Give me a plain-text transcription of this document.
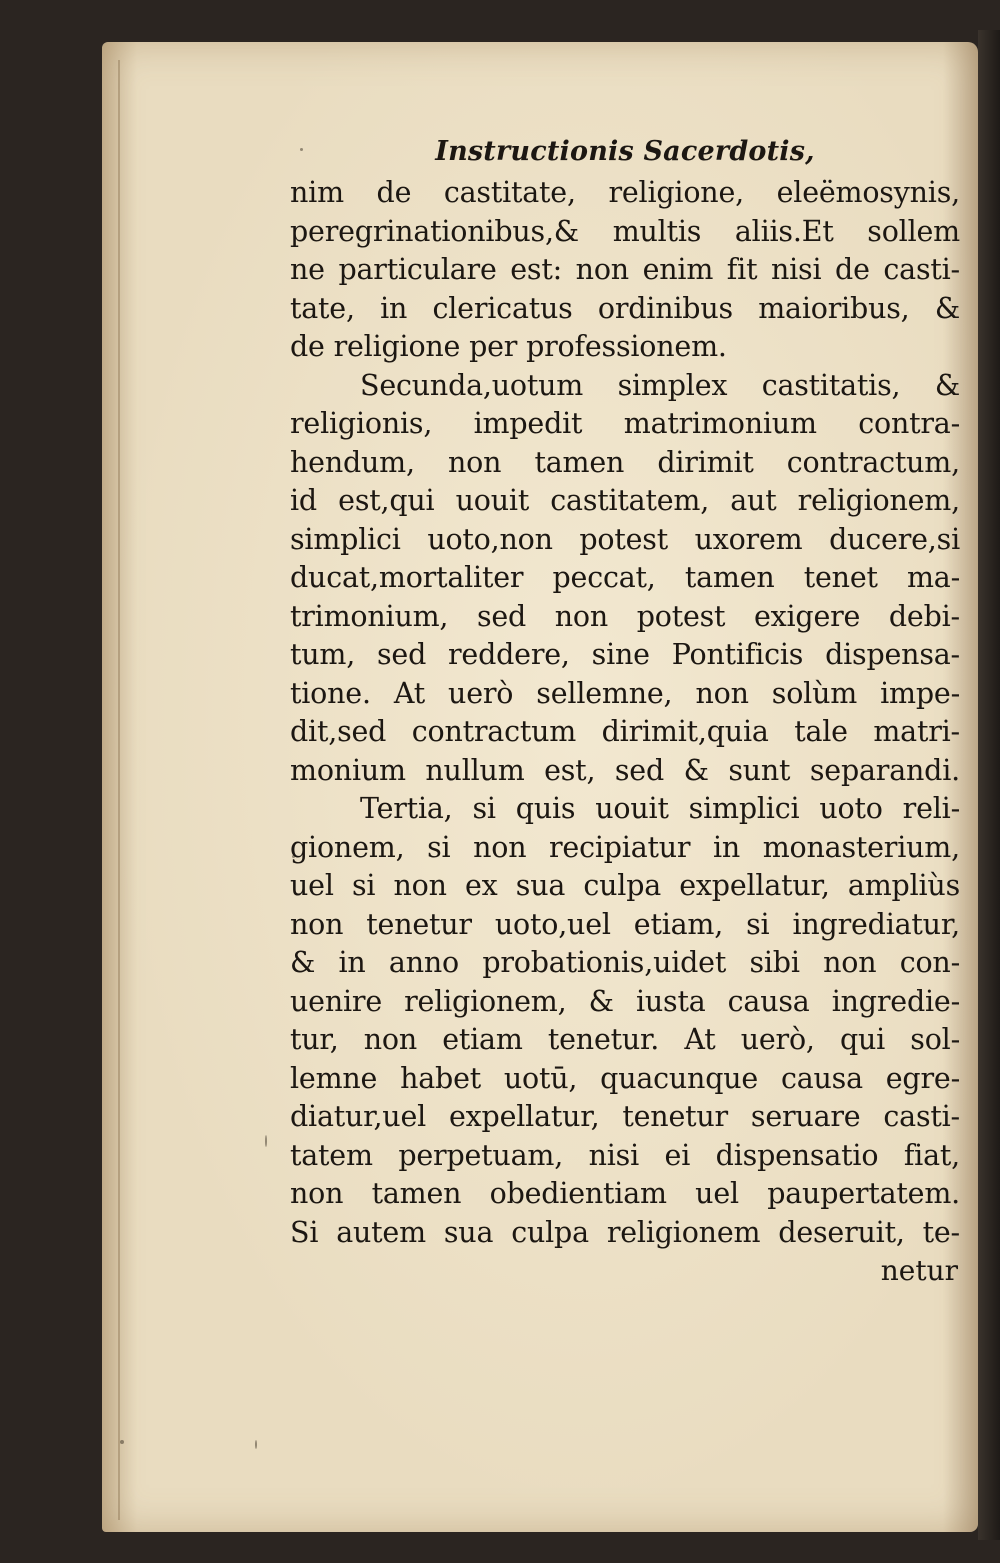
Instructionis Sacerdotis,
nim de castitate, religione, eleëmosynis,
peregrinationibus,& multis aliis.Et sollem
ne particulare est: non enim fit nisi de casti-
tate, in clericatus ordinibus maioribus, &
de religione per professionem.
Secunda,uotum simplex castitatis, &
religionis, impedit matrimonium contra-
hendum, non tamen dirimit contractum,
id est,qui uouit castitatem, aut religionem,
simplici uoto,non potest uxorem ducere,si
ducat,mortaliter peccat, tamen tenet ma-
trimonium, sed non potest exigere debi-
tum, sed reddere, sine Pontificis dispensa-
tione. At uerò sellemne, non solùm impe-
dit,sed contractum dirimit,quia tale matri-
monium nullum est, sed & sunt separandi.
Tertia, si quis uouit simplici uoto reli-
gionem, si non recipiatur in monasterium,
uel si non ex sua culpa expellatur, ampliùs
non tenetur uoto,uel etiam, si ingrediatur,
& in anno probationis,uidet sibi non con-
uenire religionem, & iusta causa ingredie-
tur, non etiam tenetur. At uerò, qui sol-
lemne habet uotū, quacunque causa egre-
diatur,uel expellatur, tenetur seruare casti-
tatem perpetuam, nisi ei dispensatio fiat,
non tamen obedientiam uel paupertatem.
Si autem sua culpa religionem deseruit, te-
netur
